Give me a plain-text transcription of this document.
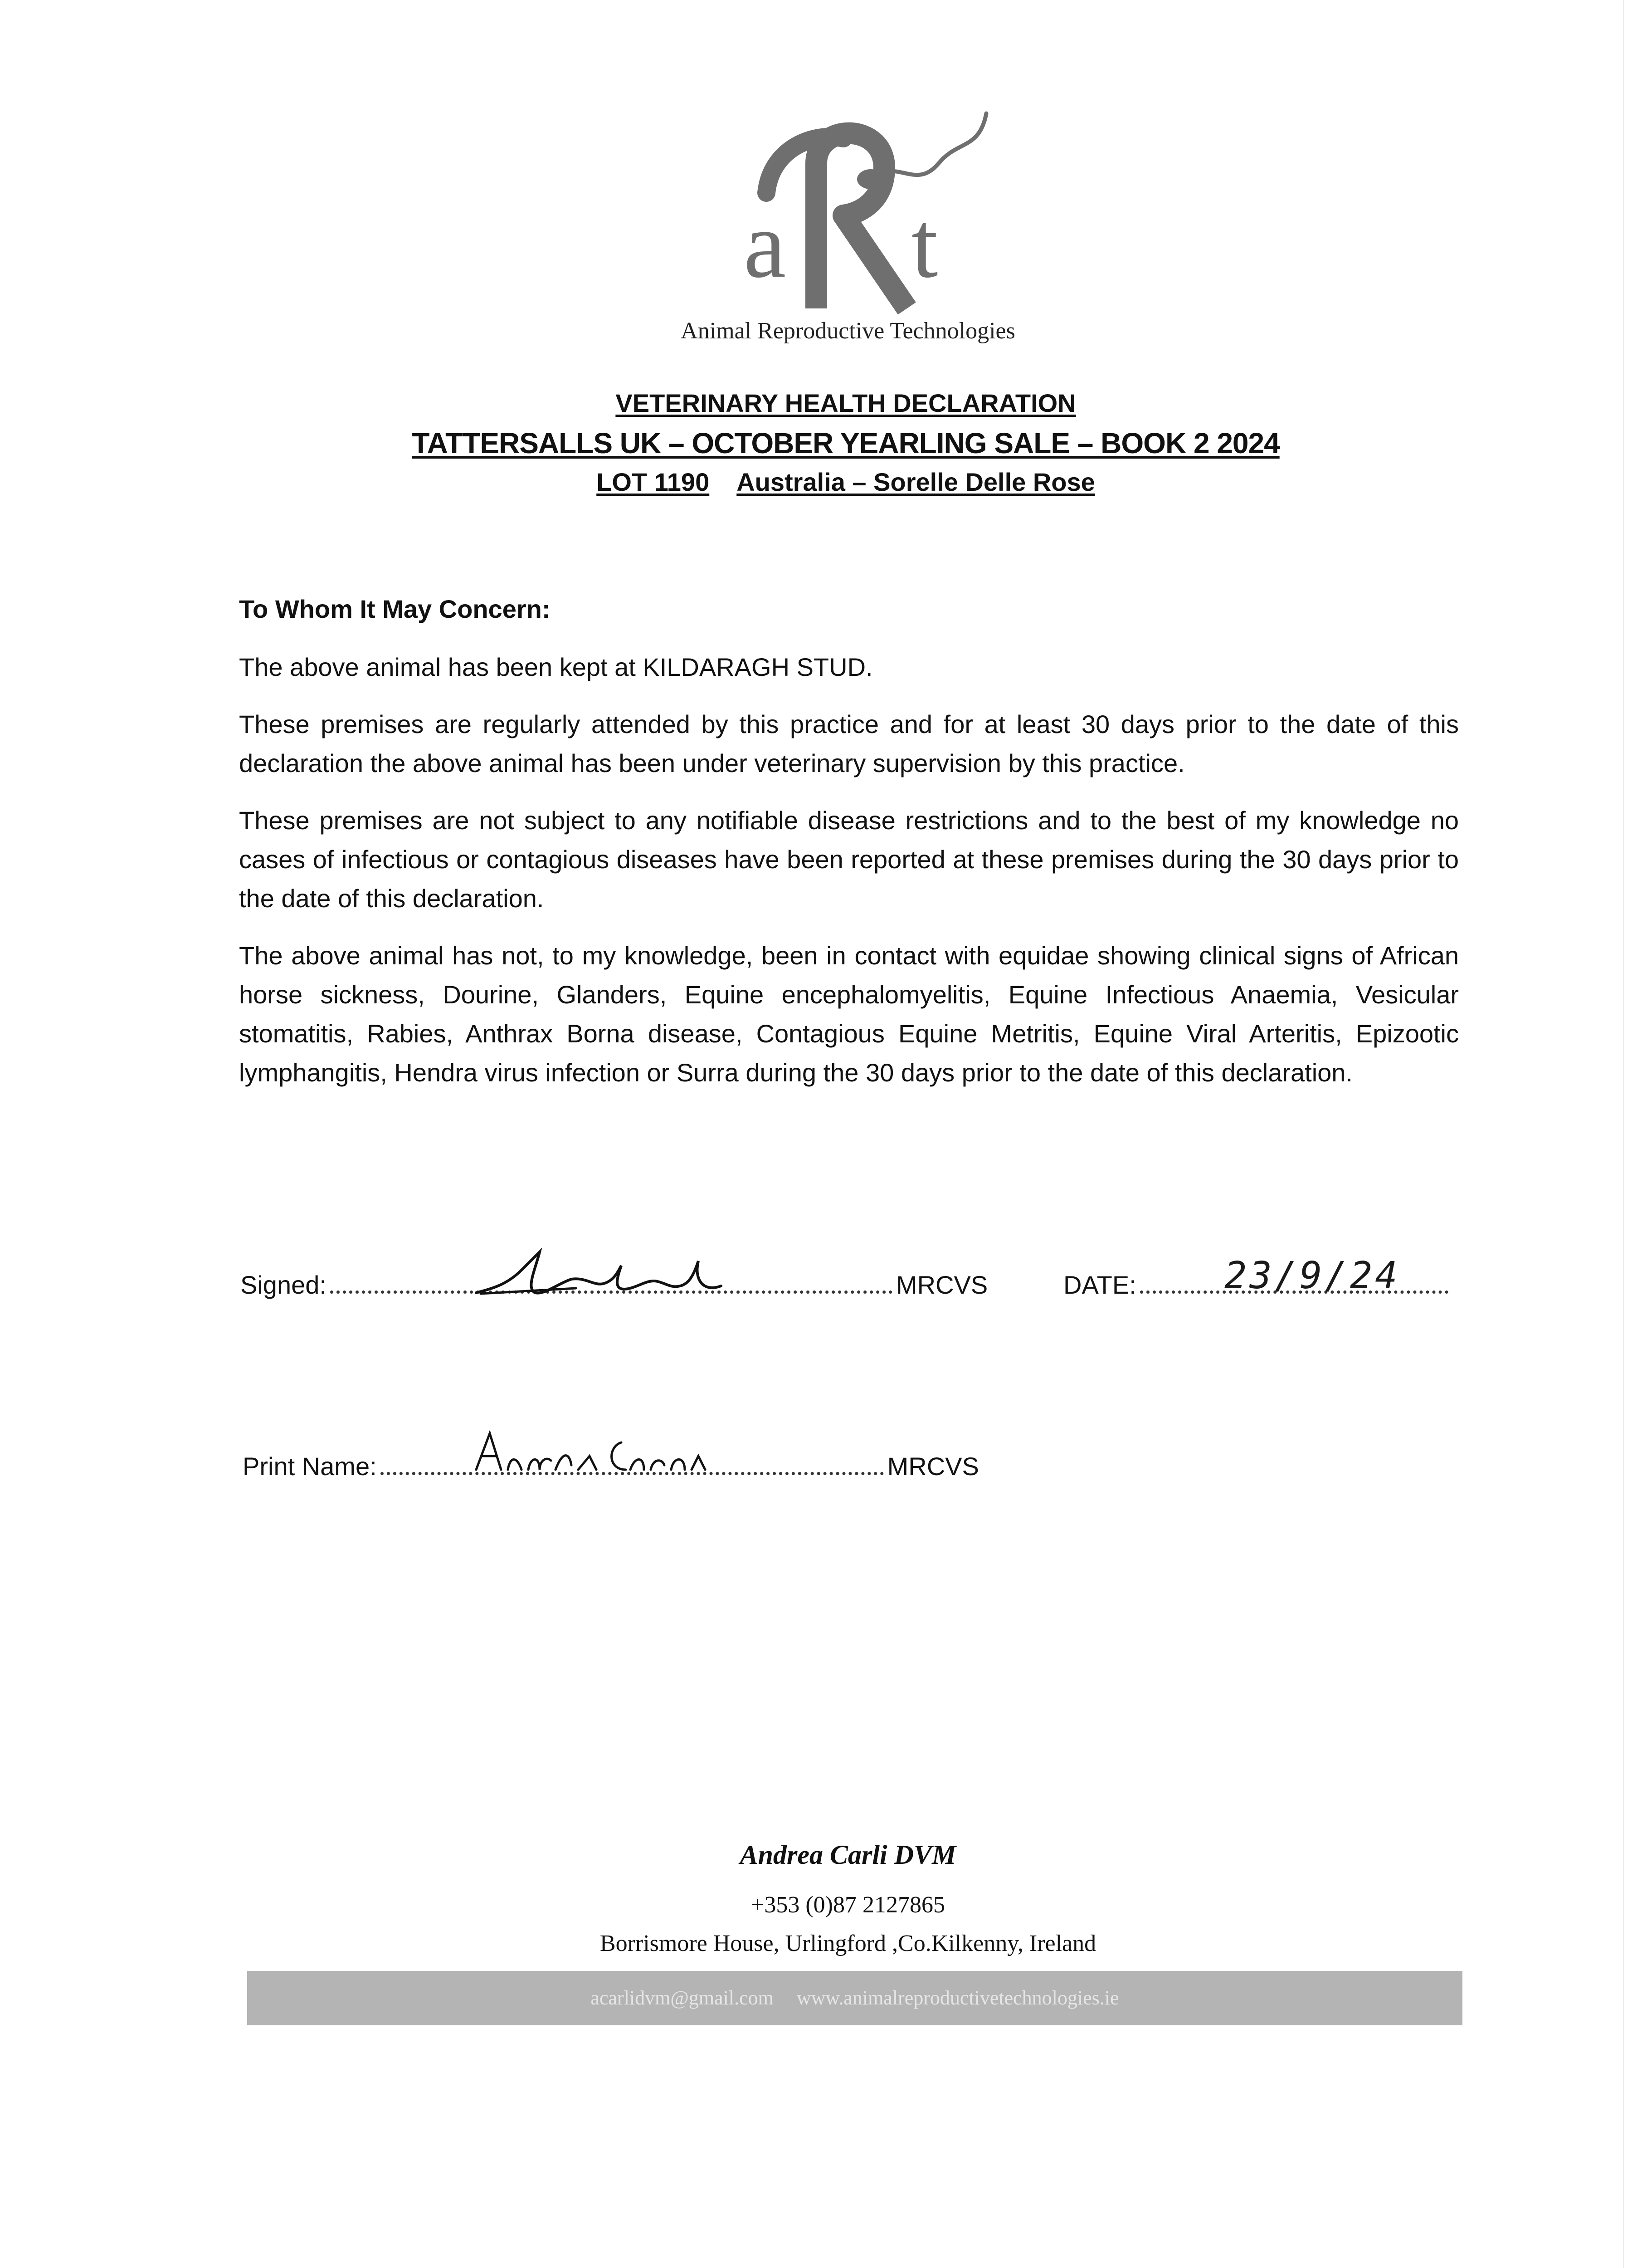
a t
Animal Reproductive Technologies
VETERINARY HEALTH DECLARATION
TATTERSALLS UK – OCTOBER YEARLING SALE – BOOK 2 2024
LOT 1190 Australia – Sorelle Delle Rose

To Whom It May Concern:

The above animal has been kept at KILDARAGH STUD.

These premises are regularly attended by this practice and for at least 30 days prior to the date of this declaration the above animal has been under veterinary supervision by this practice.

These premises are not subject to any notifiable disease restrictions and to the best of my knowledge no cases of infectious or contagious diseases have been reported at these premises during the 30 days prior to the date of this declaration.

The above animal has not, to my knowledge, been in contact with equidae showing clinical signs of African horse sickness, Dourine, Glanders, Equine encephalomyelitis, Equine Infectious Anaemia, Vesicular stomatitis, Rabies, Anthrax Borna disease, Contagious Equine Metritis, Equine Viral Arteritis, Epizootic lymphangitis, Hendra virus infection or Surra during the 30 days prior to the date of this declaration.

Signed:	MRCVS	DATE:	23/9/24
Print Name:	MRCVS
Andrea Carli DVM
+353 (0)87 2127865
Borrismore House, Urlingford ,Co.Kilkenny, Ireland
acarlidvm@gmail.com www.animalreproductivetechnologies.ie
